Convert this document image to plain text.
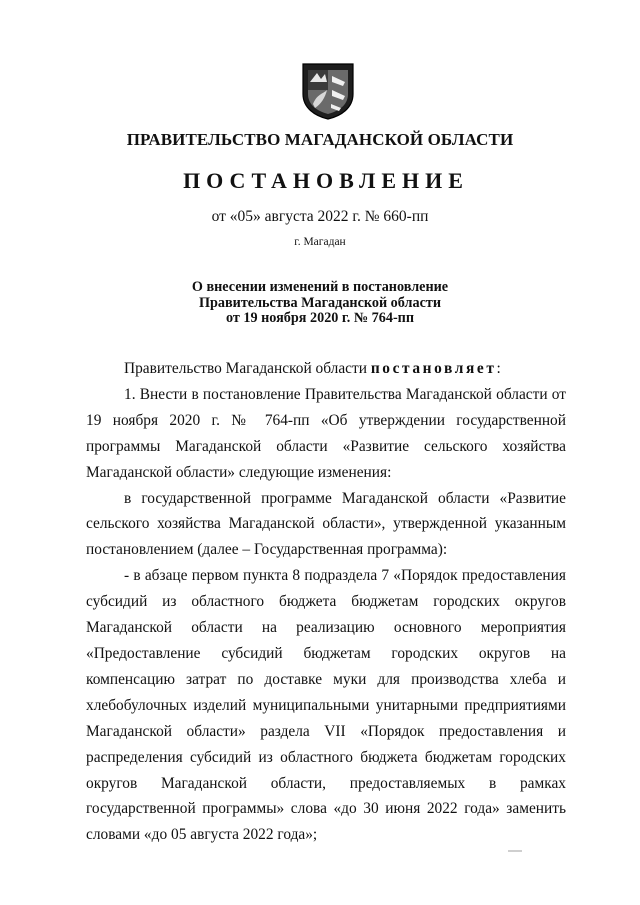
ПРАВИТЕЛЬСТВО МАГАДАНСКОЙ ОБЛАСТИ
ПОСТАНОВЛЕНИЕ
от «05» августа 2022 г. № 660-пп
г. Магадан
О внесении изменений в постановление
Правительства Магаданской области
от 19 ноября 2020 г. № 764-пп

Правительство Магаданской области постановляет:

1. Внести в постановление Правительства Магаданской области от 19 ноября 2020 г. № 764-пп «Об утверждении государственной программы Магаданской области «Развитие сельского хозяйства Магаданской области» следующие изменения:

в государственной программе Магаданской области «Развитие сельского хозяйства Магаданской области», утвержденной указанным постановлением (далее – Государственная программа):

- в абзаце первом пункта 8 подраздела 7 «Порядок предоставления субсидий из областного бюджета бюджетам городских округов Магаданской области на реализацию основного мероприятия «Предоставление субсидий бюджетам городских округов на компенсацию затрат по доставке муки для производства хлеба и хлебобулочных изделий муниципальными унитарными предприятиями Магаданской области» раздела VII «Порядок предоставления и распределения субсидий из областного бюджета бюджетам городских округов Магаданской области, предоставляемых в рамках государственной программы» слова «до 30 июня 2022 года» заменить словами «до 05 августа 2022 года»;
